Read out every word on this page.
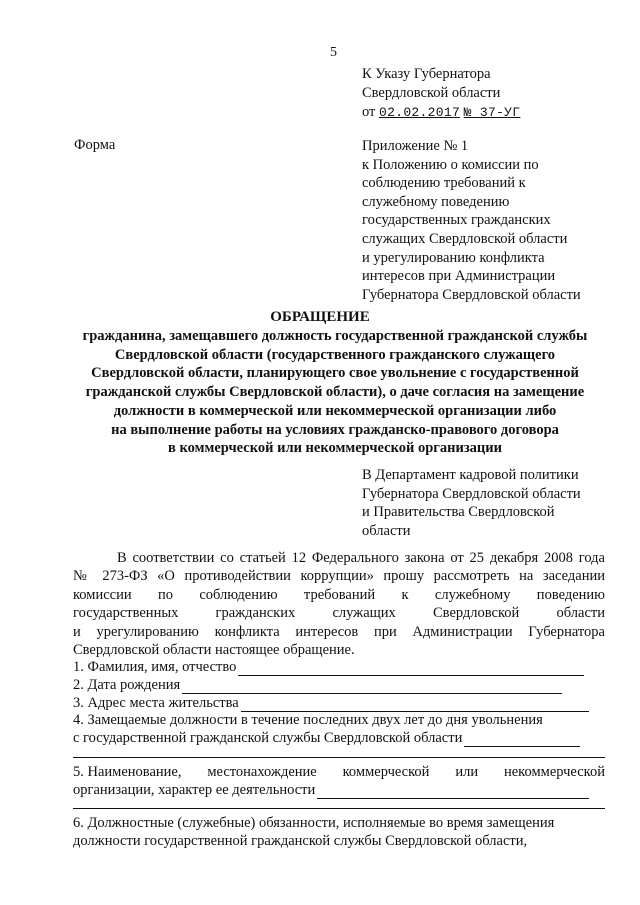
5
К Указу Губернатора
Свердловской области
от 02.02.2017 № 37-УГ
Форма	Приложение № 1
к Положению о комиссии по
соблюдению требований к
служебному поведению
государственных гражданских
служащих Свердловской области
и урегулированию конфликта
интересов при Администрации
Губернатора Свердловской области
ОБРАЩЕНИЕ
гражданина, замещавшего должность государственной гражданской службы
Свердловской области (государственного гражданского служащего
Свердловской области, планирующего свое увольнение с государственной
гражданской службы Свердловской области), о даче согласия на замещение
должности в коммерческой или некоммерческой организации либо
на выполнение работы на условиях гражданско-правового договора
в коммерческой или некоммерческой организации
В Департамент кадровой политики
Губернатора Свердловской области
и Правительства Свердловской
области
В соответствии со статьей 12 Федерального закона от 25 декабря 2008 года
№ 273-ФЗ «О противодействии коррупции» прошу рассмотреть на заседании
комиссии по соблюдению требований к служебному поведению
государственных гражданских служащих Свердловской области
и урегулированию конфликта интересов при Администрации Губернатора
Свердловской области настоящее обращение.
1. Фамилия, имя, отчество
2. Дата рождения
3. Адрес места жительства
4. Замещаемые должности в течение последних двух лет до дня увольнения
с государственной гражданской службы Свердловской области
5. Наименование, местонахождение коммерческой или некоммерческой
организации, характер ее деятельности
6. Должностные (служебные) обязанности, исполняемые во время замещения
должности государственной гражданской службы Свердловской области,
